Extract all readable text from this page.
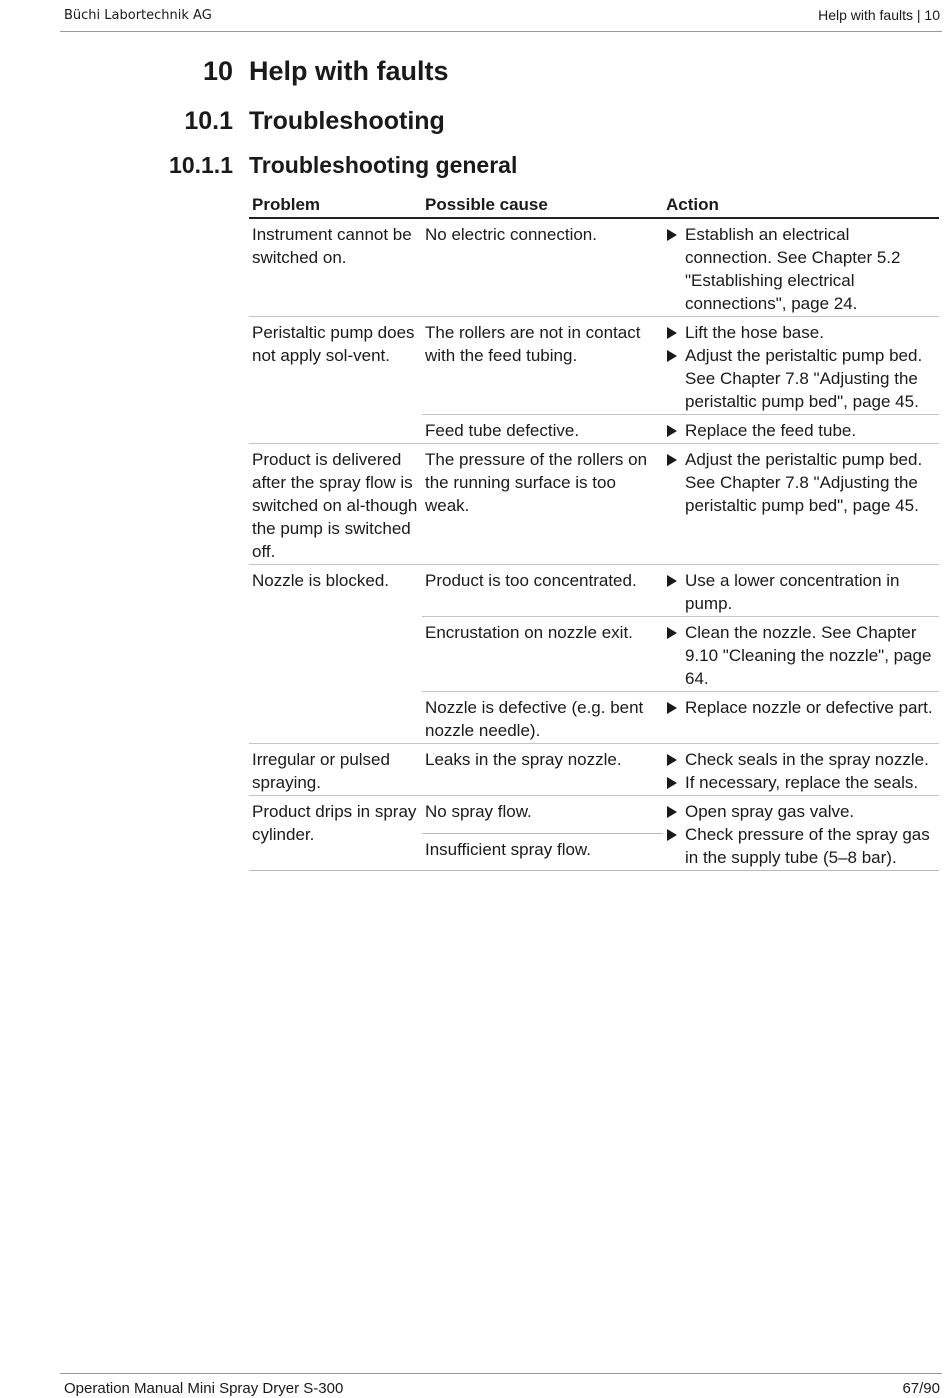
Büchi Labortechnik AG	Help with faults | 10
10 Help with faults
10.1 Troubleshooting
10.1.1 Troubleshooting general
Problem	Possible cause	Action
Instrument cannot be switched on.	No electric connection.	Establish an electrical connection. See Chapter 5.2 "Establishing electrical connections", page 24.

Peristaltic pump does not apply sol-vent.	The rollers are not in contact with the feed tubing.	Lift the hose base.
Adjust the peristaltic pump bed. See Chapter 7.8 "Adjusting the peristaltic pump bed", page 45.

	Feed tube defective.	Replace the feed tube.

Product is delivered after the spray flow is switched on al-though the pump is switched off.	The pressure of the rollers on the running surface is too weak.	Adjust the peristaltic pump bed. See Chapter 7.8 "Adjusting the peristaltic pump bed", page 45.

Nozzle is blocked.	Product is too concentrated.	Use a lower concentration in pump.

	Encrustation on nozzle exit.	Clean the nozzle. See Chapter 9.10 "Cleaning the nozzle", page 64.

	Nozzle is defective (e.g. bent nozzle needle).	Replace nozzle or defective part.

Irregular or pulsed spraying.	Leaks in the spray nozzle.	Check seals in the spray nozzle.
If necessary, replace the seals.

Product drips in spray cylinder.	No spray flow.	Open spray gas valve.
Check pressure of the spray gas in the supply tube (5–8 bar).

	Insufficient spray flow.	
Operation Manual Mini Spray Dryer S-300	67/90
